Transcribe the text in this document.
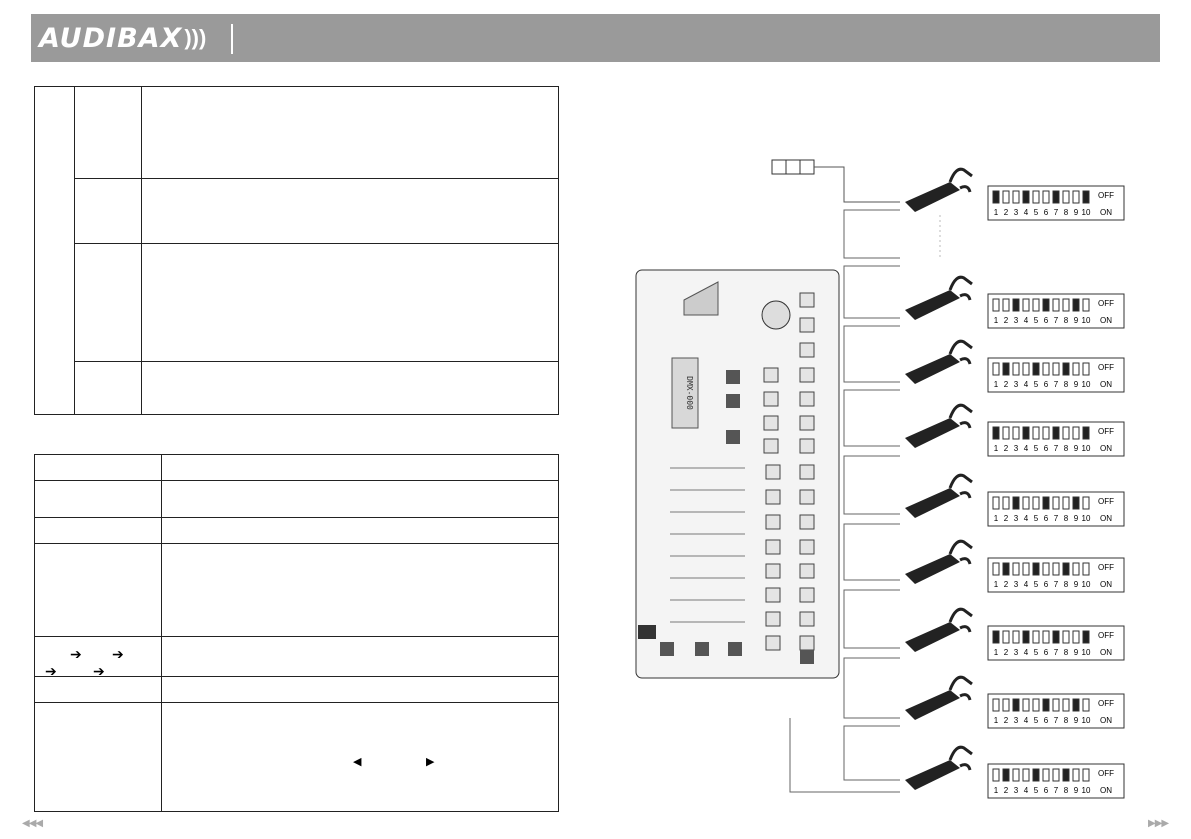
AUDIBAX )))

➔ ➔
➔	➔
◀	▶
DMX-000
1 2 3 4 5 6 7 8 9 10
OFF
ON
1 2 3 4 5 6 7 8 9 10
OFF
ON
1 2 3 4 5 6 7 8 9 10
OFF
ON
1 2 3 4 5 6 7 8 9 10
OFF
ON
1 2 3 4 5 6 7 8 9 10
OFF
ON
1 2 3 4 5 6 7 8 9 10
OFF
ON
1 2 3 4 5 6 7 8 9 10
OFF
ON
1 2 3 4 5 6 7 8 9 10
OFF
ON
1 2 3 4 5 6 7 8 9 10
OFF
ON
◀◀◀	▶▶▶
